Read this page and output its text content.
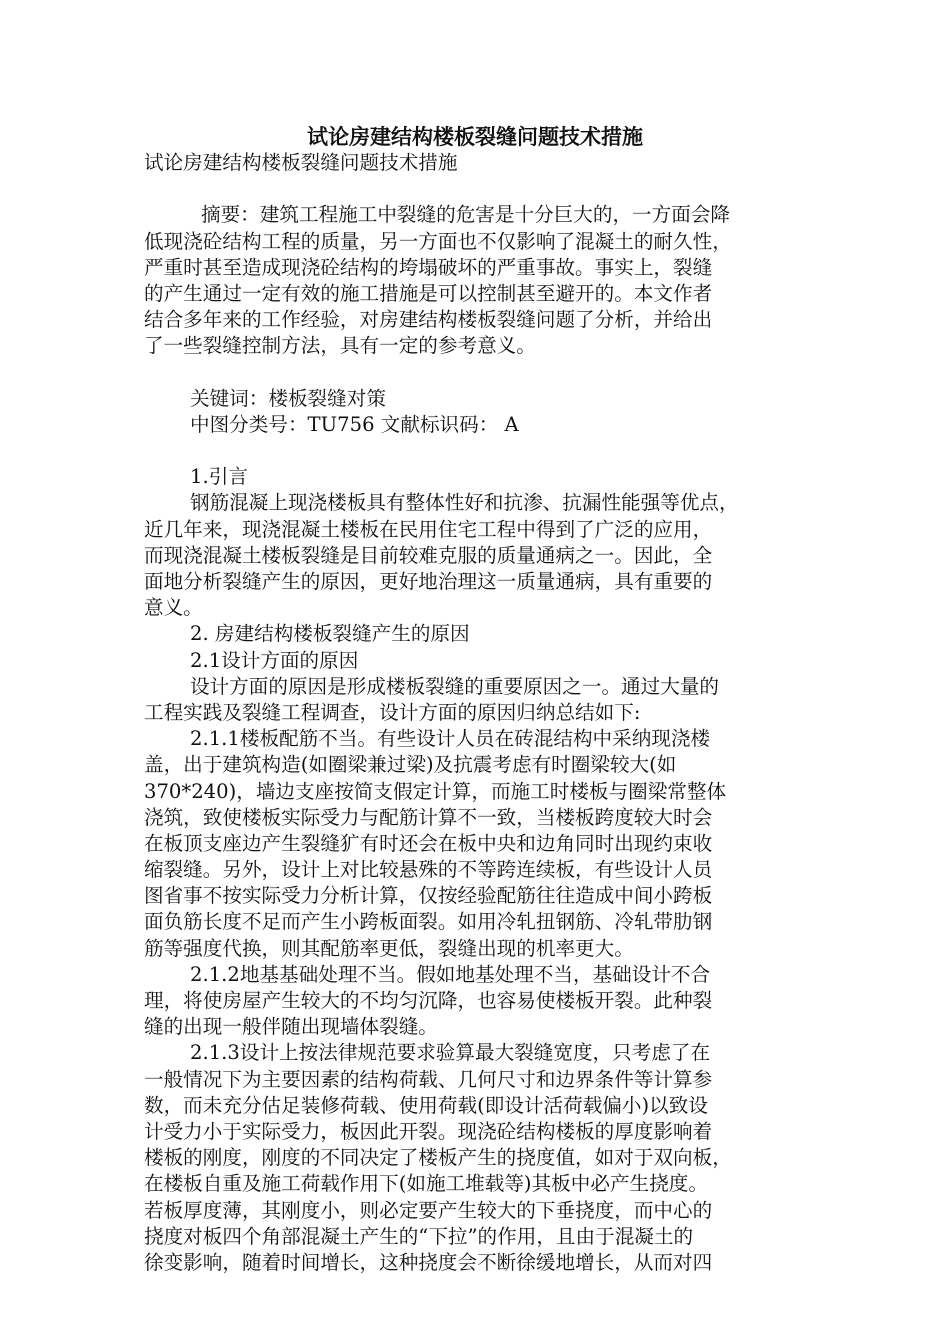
试论房建结构楼板裂缝问题技术措施
试论房建结构楼板裂缝问题技术措施
摘要：建筑工程施工中裂缝的危害是十分巨大的，一方面会降
低现浇砼结构工程的质量，另一方面也不仅影响了混凝土的耐久性，
严重时甚至造成现浇砼结构的垮塌破坏的严重事故。事实上，裂缝
的产生通过一定有效的施工措施是可以控制甚至避开的。本文作者
结合多年来的工作经验，对房建结构楼板裂缝问题了分析，并给出
了一些裂缝控制方法，具有一定的参考意义。
关键词：楼板裂缝对策
中图分类号：TU756 文献标识码： A
1.引言
钢筋混凝上现浇楼板具有整体性好和抗渗、抗漏性能强等优点，
近几年来，现浇混凝土楼板在民用住宅工程中得到了广泛的应用，
而现浇混凝土楼板裂缝是目前较难克服的质量通病之一。因此，全
面地分析裂缝产生的原因，更好地治理这一质量通病，具有重要的
意义。
2. 房建结构楼板裂缝产生的原因
2.1设计方面的原因
设计方面的原因是形成楼板裂缝的重要原因之一。通过大量的
工程实践及裂缝工程调查，设计方面的原因归纳总结如下:
2.1.1楼板配筋不当。有些设计人员在砖混结构中采纳现浇楼
盖，出于建筑构造(如圈梁兼过梁)及抗震考虑有时圈梁较大(如
370*240)，墙边支座按简支假定计算，而施工时楼板与圈梁常整体
浇筑，致使楼板实际受力与配筋计算不一致，当楼板跨度较大时会
在板顶支座边产生裂缝犷有时还会在板中央和边角同时出现约束收
缩裂缝。另外，设计上对比较悬殊的不等跨连续板，有些设计人员
图省事不按实际受力分析计算，仅按经验配筋往往造成中间小跨板
面负筋长度不足而产生小跨板面裂。如用冷轧扭钢筋、冷轧带肋钢
筋等强度代换，则其配筋率更低，裂缝出现的机率更大。
2.1.2地基基础处理不当。假如地基处理不当，基础设计不合
理，将使房屋产生较大的不均匀沉降，也容易使楼板开裂。此种裂
缝的出现一般伴随出现墙体裂缝。
2.1.3设计上按法律规范要求验算最大裂缝宽度，只考虑了在
一般情况下为主要因素的结构荷载、几何尺寸和边界条件等计算参
数，而未充分估足装修荷载、使用荷载(即设计活荷载偏小)以致设
计受力小于实际受力，板因此开裂。现浇砼结构楼板的厚度影响着
楼板的刚度，刚度的不同决定了楼板产生的挠度值，如对于双向板，
在楼板自重及施工荷载作用下(如施工堆载等)其板中必产生挠度。
若板厚度薄，其刚度小，则必定要产生较大的下垂挠度，而中心的
挠度对板四个角部混凝土产生的“下拉”的作用，且由于混凝土的
徐变影响，随着时间增长，这种挠度会不断徐缓地增长，从而对四
